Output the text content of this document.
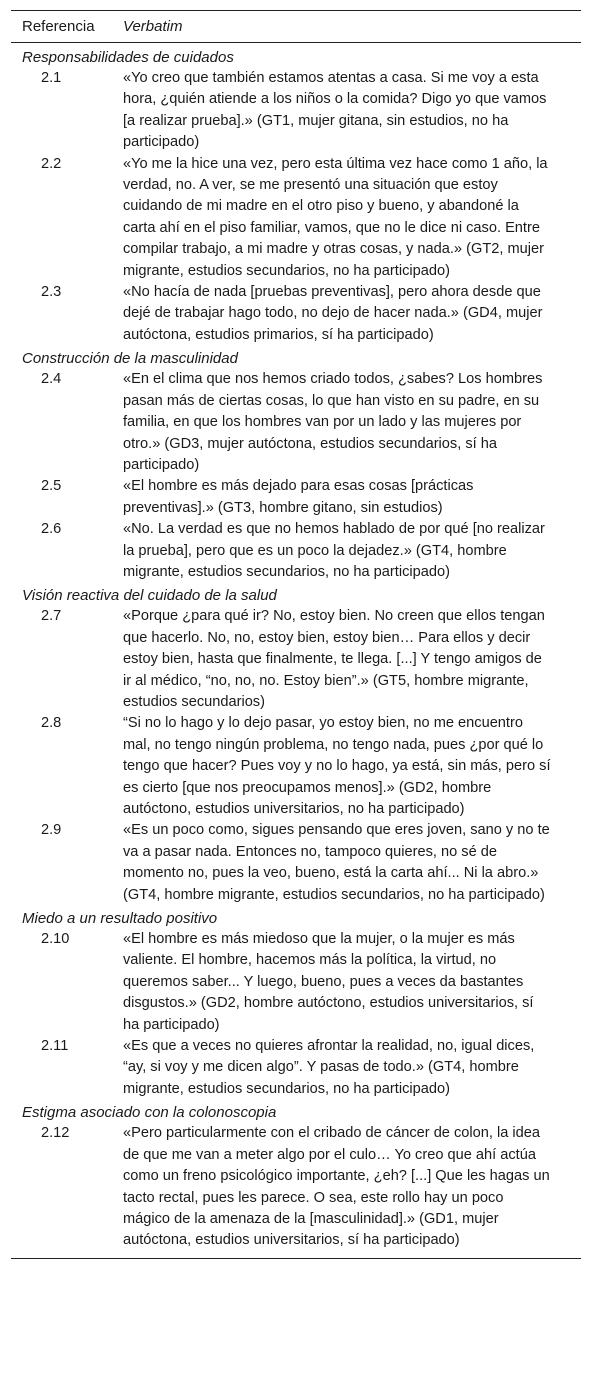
Referencia	Verbatim
Responsabilidades de cuidados
2.1	«Yo creo que también estamos atentas a casa. Si me voy a esta hora, ¿quién atiende a los niños o la comida? Digo yo que vamos [a realizar prueba].» (GT1, mujer gitana, sin estudios, no ha participado)
2.2	«Yo me la hice una vez, pero esta última vez hace como 1 año, la verdad, no. A ver, se me presentó una situación que estoy cuidando de mi madre en el otro piso y bueno, y abandoné la carta ahí en el piso familiar, vamos, que no le dice ni caso. Entre compilar trabajo, a mi madre y otras cosas, y nada.» (GT2, mujer migrante, estudios secundarios, no ha participado)
2.3	«No hacía de nada [pruebas preventivas], pero ahora desde que dejé de trabajar hago todo, no dejo de hacer nada.» (GD4, mujer autóctona, estudios primarios, sí ha participado)
Construcción de la masculinidad
2.4	«En el clima que nos hemos criado todos, ¿sabes? Los hombres pasan más de ciertas cosas, lo que han visto en su padre, en su familia, en que los hombres van por un lado y las mujeres por otro.» (GD3, mujer autóctona, estudios secundarios, sí ha participado)
2.5	«El hombre es más dejado para esas cosas [prácticas preventivas].» (GT3, hombre gitano, sin estudios)
2.6	«No. La verdad es que no hemos hablado de por qué [no realizar la prueba], pero que es un poco la dejadez.» (GT4, hombre migrante, estudios secundarios, no ha participado)
Visión reactiva del cuidado de la salud
2.7	«Porque ¿para qué ir? No, estoy bien. No creen que ellos tengan que hacerlo. No, no, estoy bien, estoy bien… Para ellos y decir estoy bien, hasta que finalmente, te llega. [...] Y tengo amigos de ir al médico, “no, no, no. Estoy bien”.» (GT5, hombre migrante, estudios secundarios)
2.8	“Si no lo hago y lo dejo pasar, yo estoy bien, no me encuentro mal, no tengo ningún problema, no tengo nada, pues ¿por qué lo tengo que hacer? Pues voy y no lo hago, ya está, sin más, pero sí es cierto [que nos preocupamos menos].» (GD2, hombre autóctono, estudios universitarios, no ha participado)
2.9	«Es un poco como, sigues pensando que eres joven, sano y no te va a pasar nada. Entonces no, tampoco quieres, no sé de momento no, pues la veo, bueno, está la carta ahí... Ni la abro.» (GT4, hombre migrante, estudios secundarios, no ha participado)
Miedo a un resultado positivo
2.10	«El hombre es más miedoso que la mujer, o la mujer es más valiente. El hombre, hacemos más la política, la virtud, no queremos saber... Y luego, bueno, pues a veces da bastantes disgustos.» (GD2, hombre autóctono, estudios universitarios, sí ha participado)
2.11	«Es que a veces no quieres afrontar la realidad, no, igual dices, “ay, si voy y me dicen algo”. Y pasas de todo.» (GT4, hombre migrante, estudios secundarios, no ha participado)
Estigma asociado con la colonoscopia
2.12	«Pero particularmente con el cribado de cáncer de colon, la idea de que me van a meter algo por el culo… Yo creo que ahí actúa como un freno psicológico importante, ¿eh? [...] Que les hagas un tacto rectal, pues les parece. O sea, este rollo hay un poco mágico de la amenaza de la [masculinidad].» (GD1, mujer autóctona, estudios universitarios, sí ha participado)
